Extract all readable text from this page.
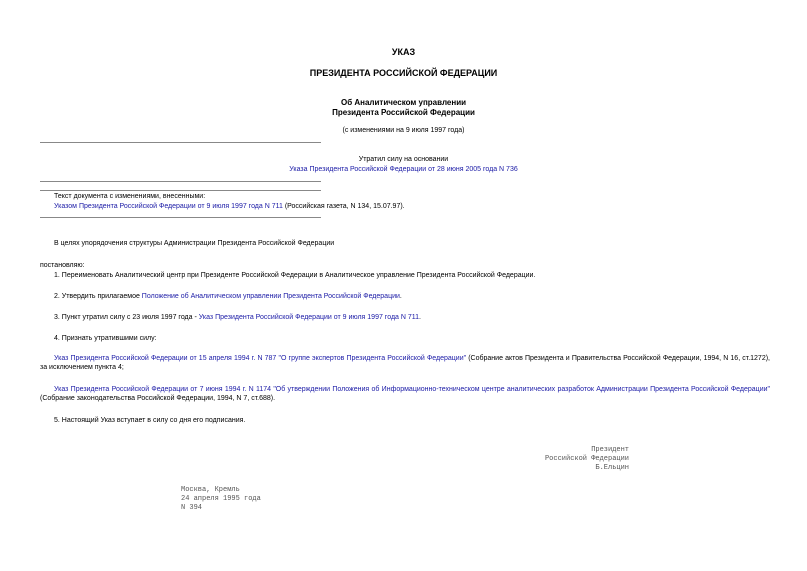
УКАЗ
ПРЕЗИДЕНТА РОССИЙСКОЙ ФЕДЕРАЦИИ
Об Аналитическом управлении
Президента Российской Федерации
(с изменениями на 9 июля 1997 года)
Утратил силу на основании
Указа Президента Российской Федерации от 28 июня 2005 года N 736
Текст документа с изменениями, внесенными:
Указом Президента Российской Федерации от 9 июля 1997 года N 711 (Российская газета, N 134, 15.07.97).
В целях упорядочения структуры Администрации Президента Российской Федерации
постановляю:
1. Переименовать Аналитический центр при Президенте Российской Федерации в Аналитическое управление Президента Российской Федерации.
2. Утвердить прилагаемое Положение об Аналитическом управлении Президента Российской Федерации.
3. Пункт утратил силу с 23 июля 1997 года - Указ Президента Российской Федерации от 9 июля 1997 года N 711.
4. Признать утратившими силу:
Указ Президента Российской Федерации от 15 апреля 1994 г. N 787 "О группе экспертов Президента Российской Федерации" (Собрание актов Президента и Правительства Российской Федерации, 1994, N 16, ст.1272), за исключением пункта 4;
Указ Президента Российской Федерации от 7 июня 1994 г. N 1174 "Об утверждении Положения об Информационно-техническом центре аналитических разработок Администрации Президента Российской Федерации" (Собрание законодательства Российской Федерации, 1994, N 7, ст.688).
5. Настоящий Указ вступает в силу со дня его подписания.
Президент
Российской Федерации
Б.Ельцин
Москва, Кремль
24 апреля 1995 года
N 394
